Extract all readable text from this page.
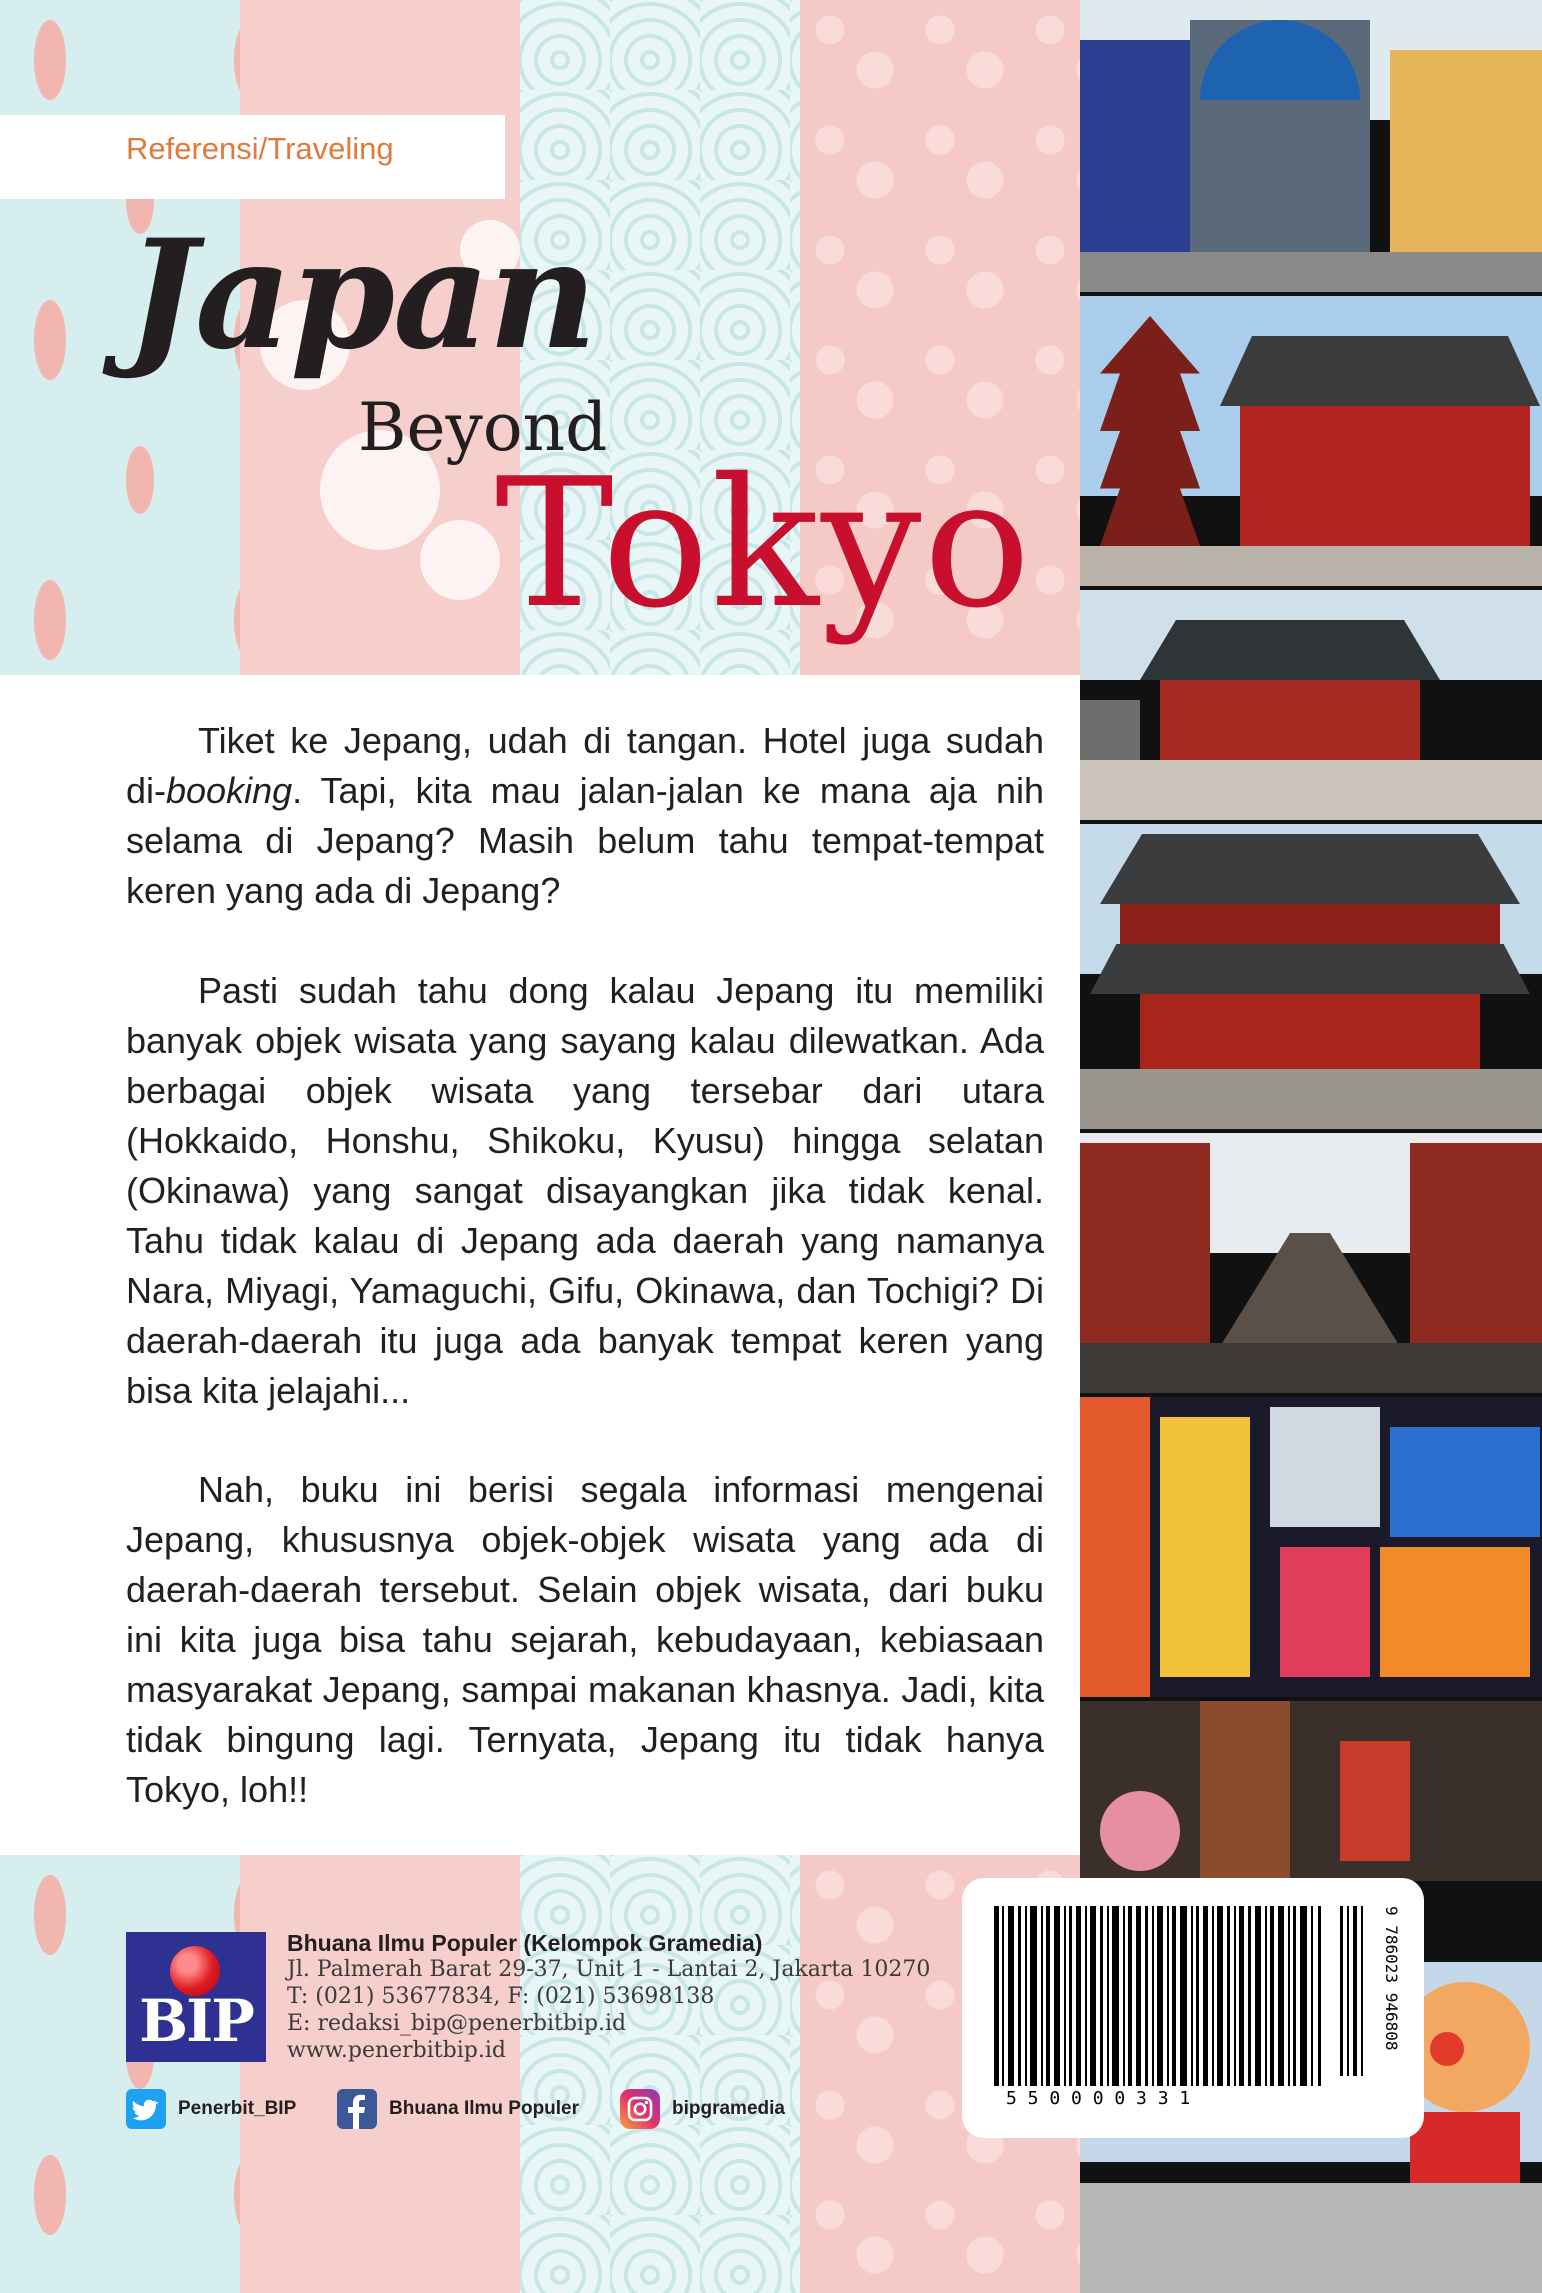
Referensi/Traveling
Japan
Beyond
Tokyo

Tiket ke Jepang, udah di tangan. Hotel juga sudah di-booking. Tapi, kita mau jalan-jalan ke mana aja nih selama di Jepang? Masih belum tahu tempat-tempat keren yang ada di Jepang?

Pasti sudah tahu dong kalau Jepang itu memiliki banyak objek wisata yang sayang kalau dilewatkan. Ada berbagai objek wisata yang tersebar dari utara (Hokkaido, Honshu, Shikoku, Kyusu) hingga selatan (Okinawa) yang sangat disayangkan jika tidak kenal. Tahu tidak kalau di Jepang ada daerah yang namanya Nara, Miyagi, Yamaguchi, Gifu, Okinawa, dan Tochigi? Di daerah-daerah itu juga ada banyak tempat keren yang bisa kita jelajahi...

Nah, buku ini berisi segala informasi mengenai Jepang, khususnya objek-objek wisata yang ada di daerah-daerah tersebut. Selain objek wisata, dari buku ini kita juga bisa tahu sejarah, kebudayaan, kebiasaan masyarakat Jepang, sampai makanan khasnya. Jadi, kita tidak bingung lagi. Ternyata, Jepang itu tidak hanya Tokyo, loh!!

BIP
Bhuana Ilmu Populer (Kelompok Gramedia)
Jl. Palmerah Barat 29-37, Unit 1 - Lantai 2, Jakarta 10270
T: (021) 53677834, F: (021) 53698138
E: redaksi_bip@penerbitbip.id
www.penerbitbip.id
Penerbit_BIP	Bhuana Ilmu Populer	bipgramedia	5 5 0 0 0 0 3 3 1
9 786023 946808
